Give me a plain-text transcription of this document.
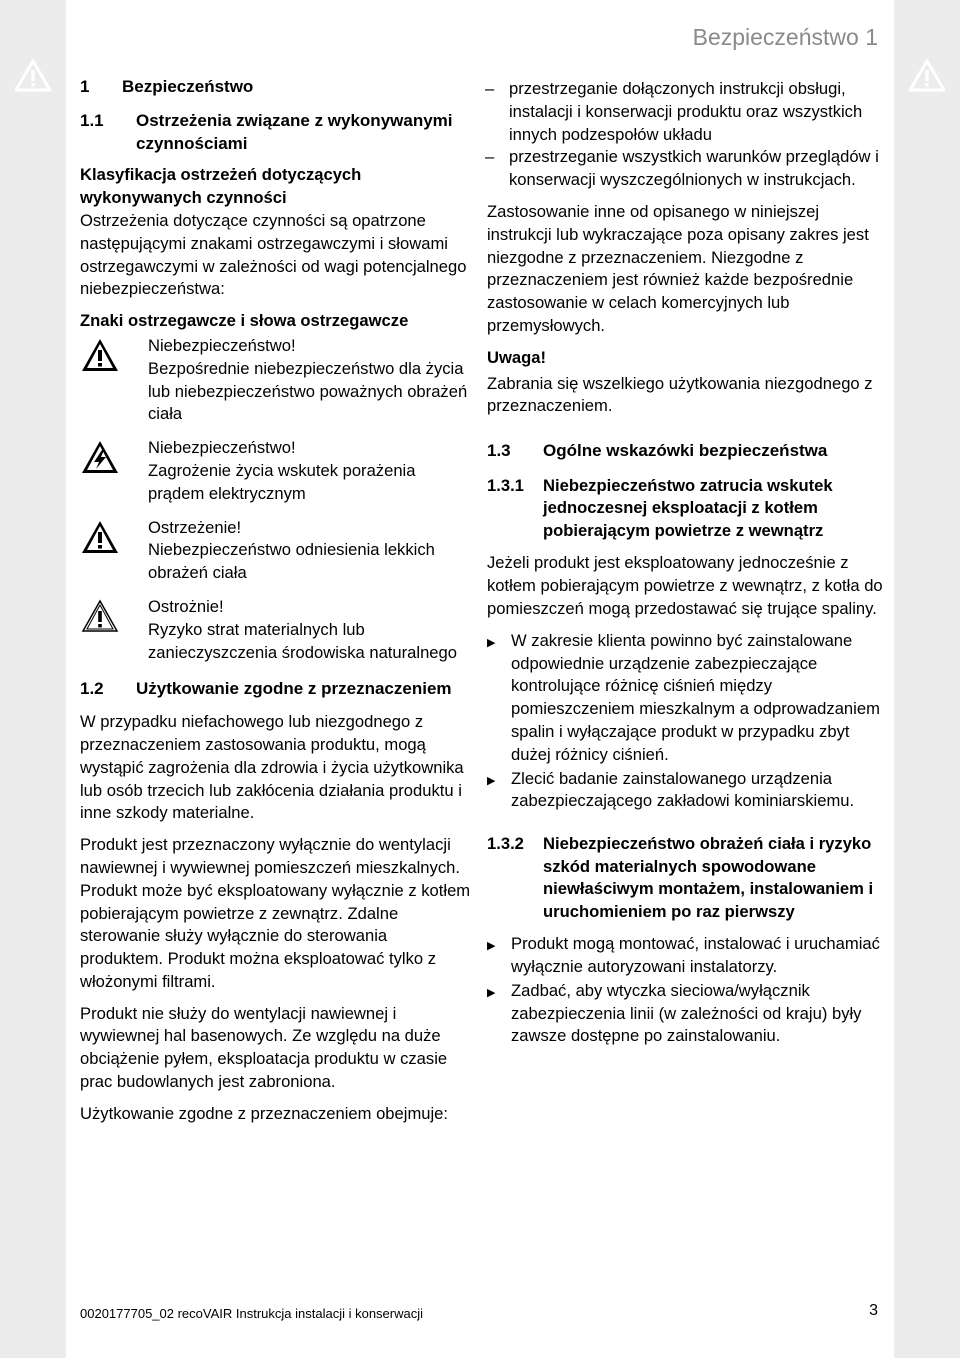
Bezpieczeństwo 1
1	Bezpieczeństwo
1.1	Ostrzeżenia związane z wykonywanymi czynnościami
Klasyfikacja ostrzeżeń dotyczących wykonywanych czynności

Ostrzeżenia dotyczące czynności są opatrzone następującymi znakami ostrzegawczymi i słowami ostrzegawczymi w zależności od wagi potencjalnego niebezpieczeństwa:

Znaki ostrzegawcze i słowa ostrzegawcze

Niebezpieczeństwo!

Bezpośrednie niebezpieczeństwo dla życia lub niebezpieczeństwo poważnych obrażeń ciała

Niebezpieczeństwo!

Zagrożenie życia wskutek porażenia prądem elektrycznym

Ostrzeżenie!

Niebezpieczeństwo odniesienia lekkich obrażeń ciała

Ostrożnie!

Ryzyko strat materialnych lub zanieczyszczenia środowiska naturalnego

1.2	Użytkowanie zgodne z przeznaczeniem

W przypadku niefachowego lub niezgodnego z przeznaczeniem zastosowania produktu, mogą wystąpić zagrożenia dla zdrowia i życia użytkownika lub osób trzecich lub zakłócenia działania produktu i inne szkody materialne.

Produkt jest przeznaczony wyłącznie do wentylacji nawiewnej i wywiewnej pomieszczeń mieszkalnych. Produkt może być eksploatowany wyłącznie z kotłem pobierającym powietrze z zewnątrz. Zdalne sterowanie służy wyłącznie do sterowania produktem. Produkt można eksploatować tylko z włożonymi filtrami.

Produkt nie służy do wentylacji nawiewnej i wywiewnej hal basenowych. Ze względu na duże obciążenie pyłem, eksploatacja produktu w czasie prac budowlanych jest zabroniona.

Użytkowanie zgodne z przeznaczeniem obejmuje:

– przestrzeganie dołączonych instrukcji obsługi, instalacji i konserwacji produktu oraz wszystkich innych podzespołów układu
– przestrzeganie wszystkich warunków przeglądów i konserwacji wyszczególnionych w instrukcjach.

Zastosowanie inne od opisanego w niniejszej instrukcji lub wykraczające poza opisany zakres jest niezgodne z przeznaczeniem. Niezgodne z przeznaczeniem jest również każde bezpośrednie zastosowanie w celach komercyjnych lub przemysłowych.

Uwaga!

Zabrania się wszelkiego użytkowania niezgodnego z przeznaczeniem.

1.3	Ogólne wskazówki bezpieczeństwa
1.3.1	Niebezpieczeństwo zatrucia wskutek jednoczesnej eksploatacji z kotłem pobierającym powietrze z wewnątrz

Jeżeli produkt jest eksploatowany jednocześnie z kotłem pobierającym powietrze z wewnątrz, z kotła do pomieszczeń mogą przedostawać się trujące spaliny.

▶ W zakresie klienta powinno być zainstalowane odpowiednie urządzenie zabezpieczające kontrolujące różnicę ciśnień między pomieszczeniem mieszkalnym a odprowadzaniem spalin i wyłączające produkt w przypadku zbyt dużej różnicy ciśnień.
▶ Zlecić badanie zainstalowanego urządzenia zabezpieczającego zakładowi kominiarskiemu.
1.3.2	Niebezpieczeństwo obrażeń ciała i ryzyko szkód materialnych spowodowane niewłaściwym montażem, instalowaniem i uruchomieniem po raz pierwszy
▶ Produkt mogą montować, instalować i uruchamiać wyłącznie autoryzowani instalatorzy.
▶ Zadbać, aby wtyczka sieciowa/wyłącznik zabezpieczenia linii (w zależności od kraju) były zawsze dostępne po zainstalowaniu.
0020177705_02 recoVAIR Instrukcja instalacji i konserwacji	3
